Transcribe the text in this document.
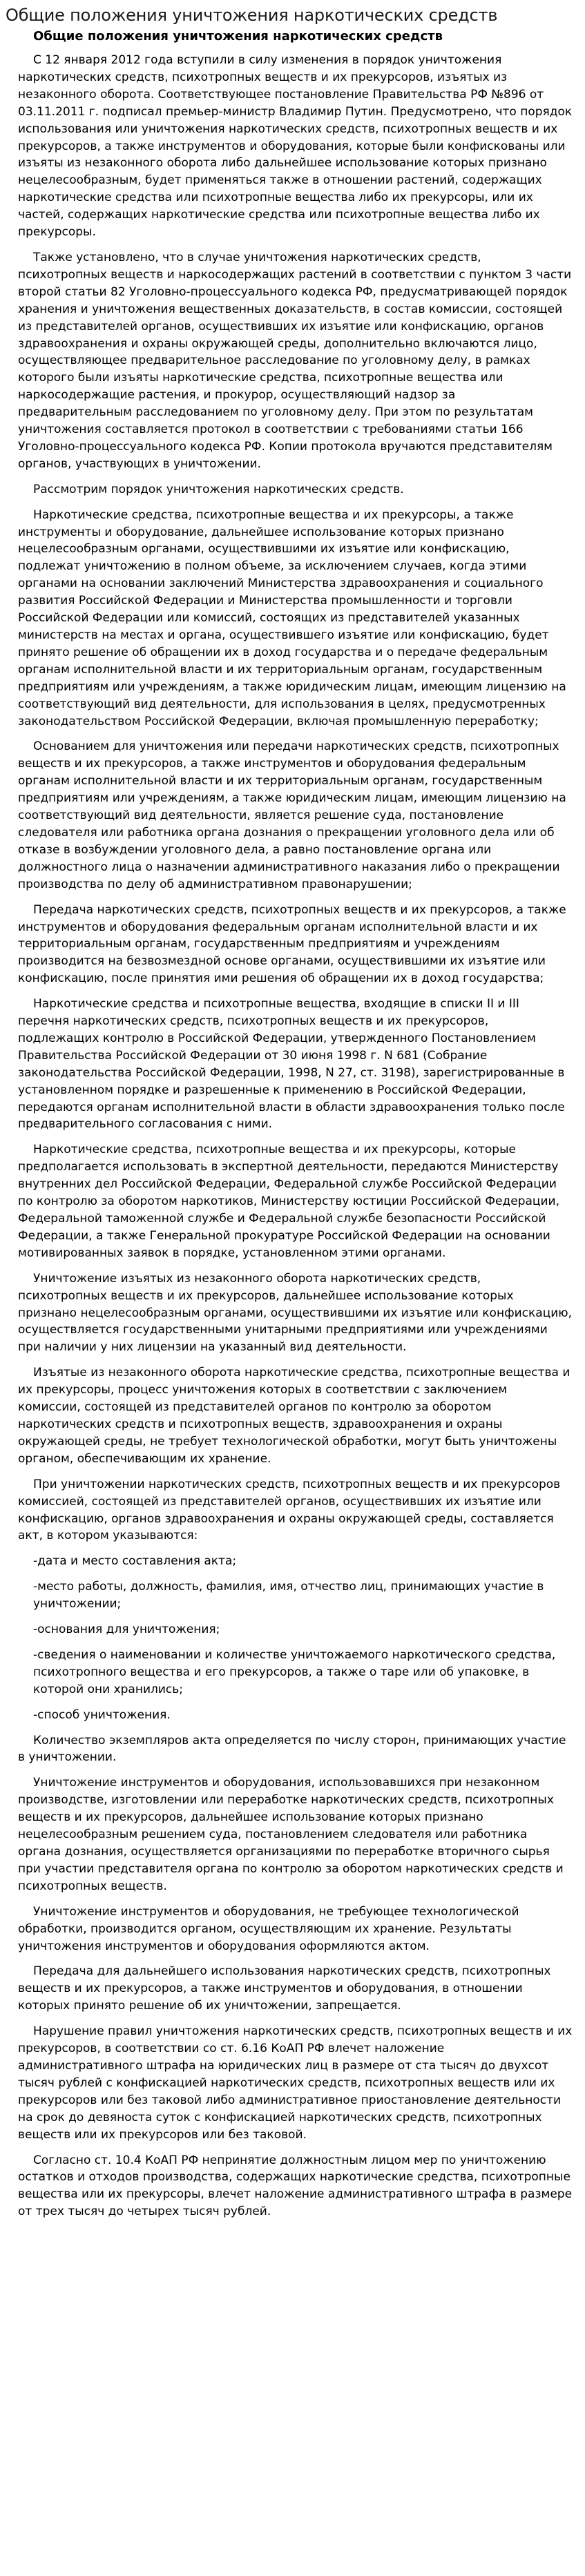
Общие положения уничтожения наркотических средств
Общие положения уничтожения наркотических средств

С 12 января 2012 года вступили в силу изменения в порядок уничтожения наркотических средств, психотропных веществ и их прекурсоров, изъятых из незаконного оборота. Соответствующее постановление Правительства РФ №896 от 03.11.2011 г. подписал премьер-министр Владимир Путин. Предусмотрено, что порядок использования или уничтожения наркотических средств, психотропных веществ и их прекурсоров, а также инструментов и оборудования, которые были конфискованы или изъяты из незаконного оборота либо дальнейшее использование которых признано нецелесообразным, будет применяться также в отношении растений, содержащих наркотические средства или психотропные вещества либо их прекурсоры, или их частей, содержащих наркотические средства или психотропные вещества либо их прекурсоры.

Также установлено, что в случае уничтожения наркотических средств, психотропных веществ и наркосодержащих растений в соответствии с пунктом 3 части второй статьи 82 Уголовно-процессуального кодекса РФ, предусматривающей порядок хранения и уничтожения вещественных доказательств, в состав комиссии, состоящей из представителей органов, осуществивших их изъятие или конфискацию, органов здравоохранения и охраны окружающей среды, дополнительно включаются лицо, осуществляющее предварительное расследование по уголовному делу, в рамках которого были изъяты наркотические средства, психотропные вещества или наркосодержащие растения, и прокурор, осуществляющий надзор за предварительным расследованием по уголовному делу. При этом по результатам уничтожения составляется протокол в соответствии с требованиями статьи 166 Уголовно-процессуального кодекса РФ. Копии протокола вручаются представителям органов, участвующих в уничтожении.

Рассмотрим порядок уничтожения наркотических средств.

Наркотические средства, психотропные вещества и их прекурсоры, а также инструменты и оборудование, дальнейшее использование которых признано нецелесообразным органами, осуществившими их изъятие или конфискацию, подлежат уничтожению в полном объеме, за исключением случаев, когда этими органами на основании заключений Министерства здравоохранения и социального развития Российской Федерации и Министерства промышленности и торговли Российской Федерации или комиссий, состоящих из представителей указанных министерств на местах и органа, осуществившего изъятие или конфискацию, будет принято решение об обращении их в доход государства и о передаче федеральным органам исполнительной власти и их территориальным органам, государственным предприятиям или учреждениям, а также юридическим лицам, имеющим лицензию на соответствующий вид деятельности, для использования в целях, предусмотренных законодательством Российской Федерации, включая промышленную переработку;

Основанием для уничтожения или передачи наркотических средств, психотропных веществ и их прекурсоров, а также инструментов и оборудования федеральным органам исполнительной власти и их территориальным органам, государственным предприятиям или учреждениям, а также юридическим лицам, имеющим лицензию на соответствующий вид деятельности, является решение суда, постановление следователя или работника органа дознания о прекращении уголовного дела или об отказе в возбуждении уголовного дела, а равно постановление органа или должностного лица о назначении административного наказания либо о прекращении производства по делу об административном правонарушении;

Передача наркотических средств, психотропных веществ и их прекурсоров, а также инструментов и оборудования федеральным органам исполнительной власти и их территориальным органам, государственным предприятиям и учреждениям производится на безвозмездной основе органами, осуществившими их изъятие или конфискацию, после принятия ими решения об обращении их в доход государства;

Наркотические средства и психотропные вещества, входящие в списки II и III перечня наркотических средств, психотропных веществ и их прекурсоров, подлежащих контролю в Российской Федерации, утвержденного Постановлением Правительства Российской Федерации от 30 июня 1998 г. N 681 (Собрание законодательства Российской Федерации, 1998, N 27, ст. 3198), зарегистрированные в установленном порядке и разрешенные к применению в Российской Федерации, передаются органам исполнительной власти в области здравоохранения только после предварительного согласования с ними.

Наркотические средства, психотропные вещества и их прекурсоры, которые предполагается использовать в экспертной деятельности, передаются Министерству внутренних дел Российской Федерации, Федеральной службе Российской Федерации по контролю за оборотом наркотиков, Министерству юстиции Российской Федерации, Федеральной таможенной службе и Федеральной службе безопасности Российской Федерации, а также Генеральной прокуратуре Российской Федерации на основании мотивированных заявок в порядке, установленном этими органами.

Уничтожение изъятых из незаконного оборота наркотических средств, психотропных веществ и их прекурсоров, дальнейшее использование которых признано нецелесообразным органами, осуществившими их изъятие или конфискацию, осуществляется государственными унитарными предприятиями или учреждениями при наличии у них лицензии на указанный вид деятельности.

Изъятые из незаконного оборота наркотические средства, психотропные вещества и их прекурсоры, процесс уничтожения которых в соответствии с заключением комиссии, состоящей из представителей органов по контролю за оборотом наркотических средств и психотропных веществ, здравоохранения и охраны окружающей среды, не требует технологической обработки, могут быть уничтожены органом, обеспечивающим их хранение.

При уничтожении наркотических средств, психотропных веществ и их прекурсоров комиссией, состоящей из представителей органов, осуществивших их изъятие или конфискацию, органов здравоохранения и охраны окружающей среды, составляется акт, в котором указываются:

-дата и место составления акта;

-место работы, должность, фамилия, имя, отчество лиц, принимающих участие в уничтожении;

-основания для уничтожения;

-сведения о наименовании и количестве уничтожаемого наркотического средства, психотропного вещества и его прекурсоров, а также о таре или об упаковке, в которой они хранились;

-способ уничтожения.

Количество экземпляров акта определяется по числу сторон, принимающих участие в уничтожении.

Уничтожение инструментов и оборудования, использовавшихся при незаконном производстве, изготовлении или переработке наркотических средств, психотропных веществ и их прекурсоров, дальнейшее использование которых признано нецелесообразным решением суда, постановлением следователя или работника органа дознания, осуществляется организациями по переработке вторичного сырья при участии представителя органа по контролю за оборотом наркотических средств и психотропных веществ.

Уничтожение инструментов и оборудования, не требующее технологической обработки, производится органом, осуществляющим их хранение. Результаты уничтожения инструментов и оборудования оформляются актом.

Передача для дальнейшего использования наркотических средств, психотропных веществ и их прекурсоров, а также инструментов и оборудования, в отношении которых принято решение об их уничтожении, запрещается.

Нарушение правил уничтожения наркотических средств, психотропных веществ и их прекурсоров, в соответствии со ст. 6.16 КоАП РФ влечет наложение административного штрафа на юридических лиц в размере от ста тысяч до двухсот тысяч рублей с конфискацией наркотических средств, психотропных веществ или их прекурсоров или без таковой либо административное приостановление деятельности на срок до девяноста суток с конфискацией наркотических средств, психотропных веществ или их прекурсоров или без таковой.

Согласно ст. 10.4 КоАП РФ непринятие должностным лицом мер по уничтожению остатков и отходов производства, содержащих наркотические средства, психотропные вещества или их прекурсоры, влечет наложение административного штрафа в размере от трех тысяч до четырех тысяч рублей.
